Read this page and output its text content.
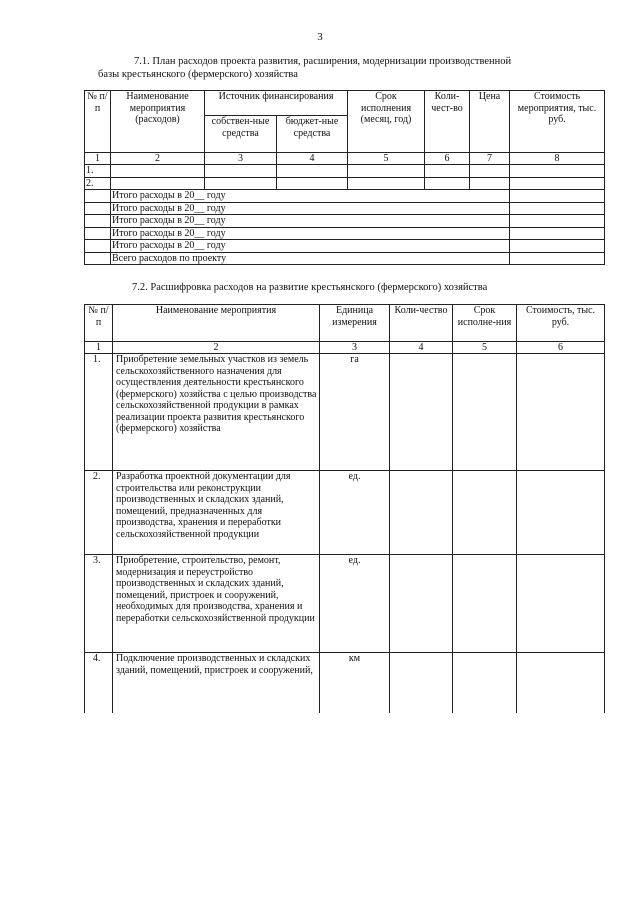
3
7.1. План расходов проекта развития, расширения, модернизации производственной
базы крестьянского (фермерского) хозяйства
№ п/п	Наименование мероприятия (расходов)	Источник финансирования		Срок исполнения (месяц, год)	Коли-чест-во	Цена	Стоимость мероприятия, тыс. руб.
		собствен-ные средства	бюджет-ные средства				
1	2	3	4	5	6	7	8
1.							
2.							
	Итого расходы в 20__ году						
	Итого расходы в 20__ году						
	Итого расходы в 20__ году						
	Итого расходы в 20__ году						
	Итого расходы в 20__ году						
	Всего расходов по проекту						
7.2. Расшифровка расходов на развитие крестьянского (фермерского) хозяйства
№ п/п	Наименование мероприятия	Единица измерения	Коли-чество	Срок исполне-ния	Стоимость, тыс. руб.
1	2	3	4	5	6
1.	Приобретение земельных участков из земель сельскохозяйственного назначения для осуществления деятельности крестьянского (фермерского) хозяйства с целью производства сельскохозяйственной продукции в рамках реализации проекта развития крестьянского (фермерского) хозяйства	га			
2.	Разработка проектной документации для строительства или реконструкции производственных и складских зданий, помещений, предназначенных для производства, хранения и переработки сельскохозяйственной продукции	ед.			
3.	Приобретение, строительство, ремонт, модернизация и переустройство производственных и складских зданий, помещений, пристроек и сооружений, необходимых для производства, хранения и переработки сельскохозяйственной продукции	ед.			
4.	Подключение производственных и складских зданий, помещений, пристроек и сооружений,	км			
